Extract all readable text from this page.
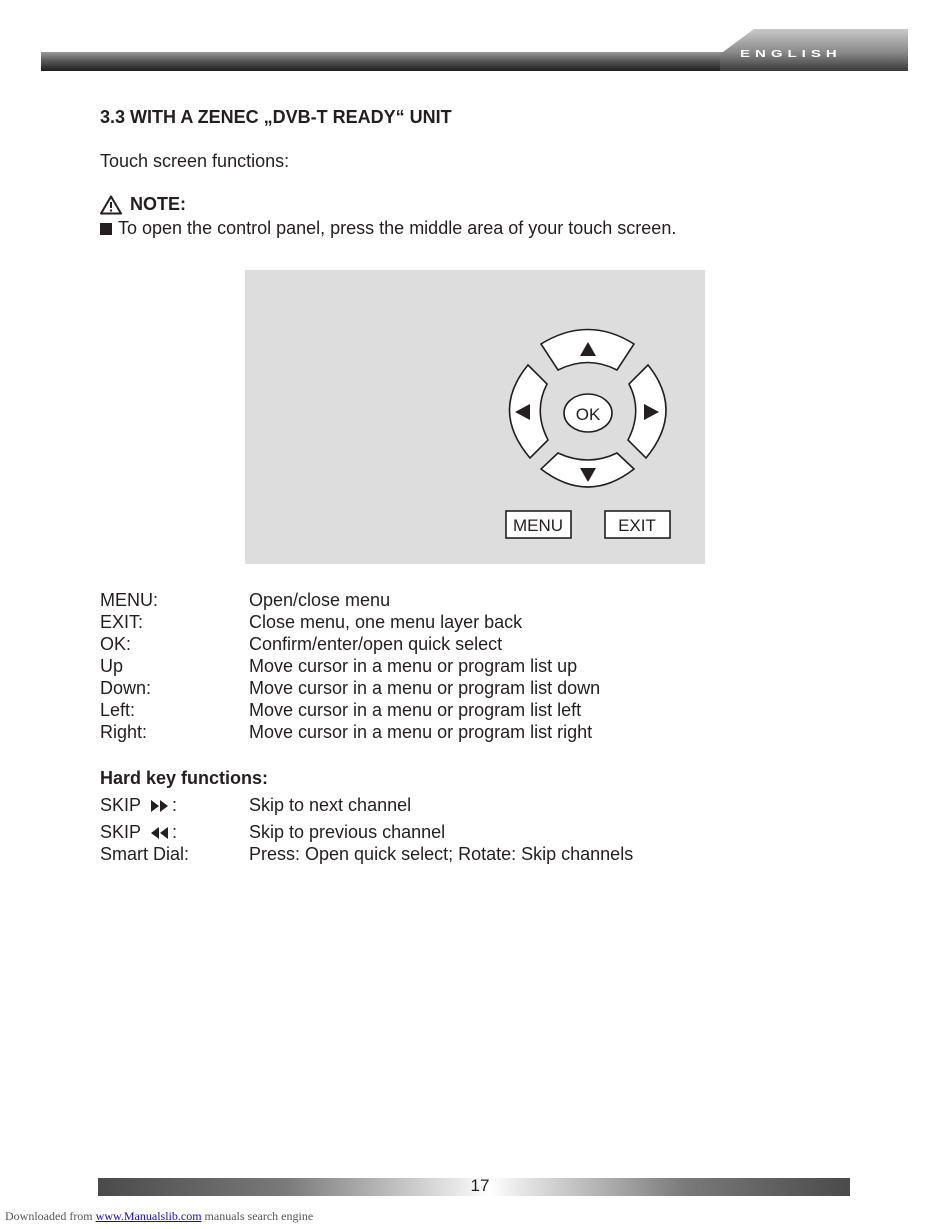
ENGLISH
3.3 WITH A ZENEC „DVB-T READY“ UNIT
Touch screen functions:
NOTE:
To open the control panel, press the middle area of your touch screen.
OK
MENU	EXIT
MENU:	Open/close menu
EXIT:	Close menu, one menu layer back
OK:	Confirm/enter/open quick select
Up	Move cursor in a menu or program list up
Down:	Move cursor in a menu or program list down
Left:	Move cursor in a menu or program list left
Right:	Move cursor in a menu or program list right
Hard key functions:
SKIP :	Skip to next channel
SKIP :	Skip to previous channel
Smart Dial:	Press: Open quick select; Rotate: Skip channels
17
Downloaded from www.Manualslib.com manuals search engine
